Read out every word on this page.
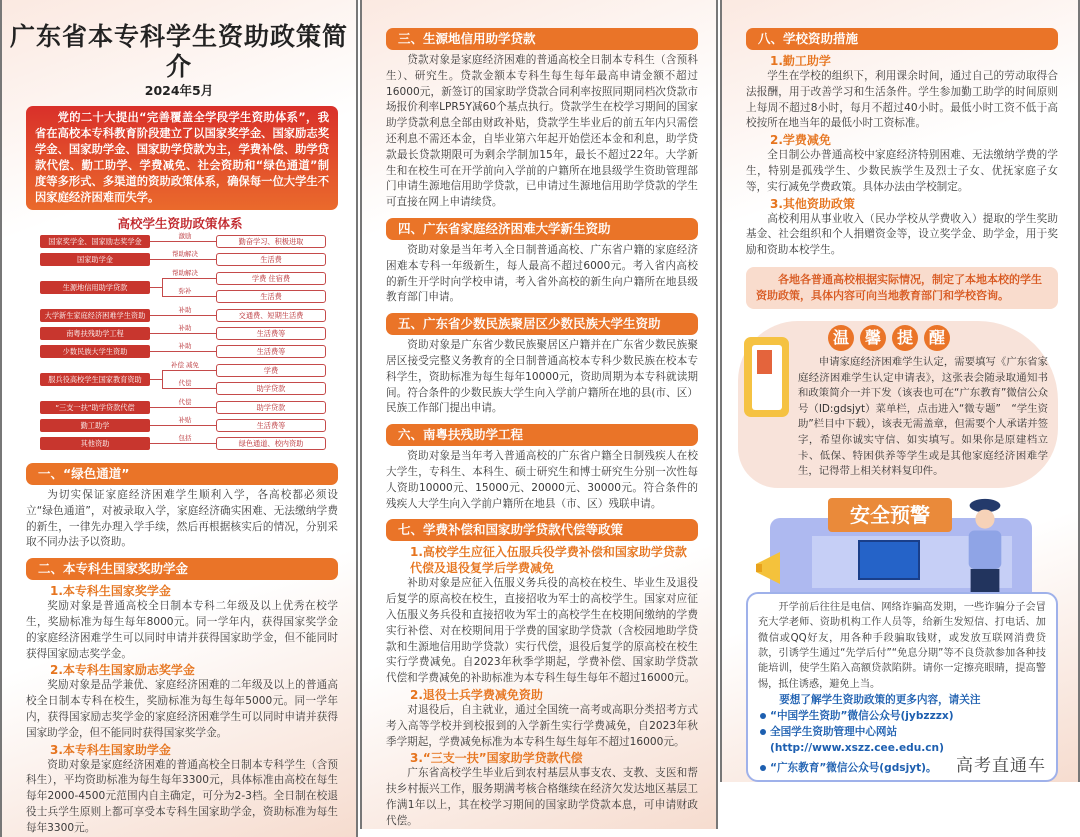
广东省本专科学生资助政策简介
2024年5月
党的二十大提出“完善覆盖全学段学生资助体系”，我省在高校本专科教育阶段建立了以国家奖学金、国家励志奖学金、国家助学金、国家助学贷款为主，学费补偿、助学贷款代偿、勤工助学、学费减免、社会资助和“绿色通道”制度等多形式、多渠道的资助政策体系，确保每一位大学生不因家庭经济困难而失学。
高校学生资助政策体系
国家奖学金、国家励志奖学金
激励
勤奋学习、积极进取
国家助学金
帮助解决
生活费
生源地信用助学贷款
帮助解决
学费 住宿费
弥补
生活费
大学新生家庭经济困难学生资助
补助
交通费、短期生活费
南粤扶残助学工程
补助
生活费等
少数民族大学生资助
补助
生活费等
服兵役高校学生国家教育资助
补偿 减免
学费
代偿
助学贷款
“三支一扶”助学贷款代偿
代偿
助学贷款
勤工助学
补贴
生活费等
其他资助
包括
绿色通道、校内资助
一、“绿色通道”
为切实保证家庭经济困难学生顺利入学，各高校都必须设立“绿色通道”，对被录取入学，家庭经济确实困难、无法缴纳学费的新生，一律先办理入学手续，然后再根据核实后的情况，分别采取不同办法予以资助。
二、本专科生国家奖助学金
1.本专科生国家奖学金
奖励对象是普通高校全日制本专科二年级及以上优秀在校学生，奖励标准为每生每年8000元。同一学年内，获得国家奖学金的家庭经济困难学生可以同时申请并获得国家助学金，但不能同时获得国家励志奖学金。
2.本专科生国家励志奖学金
奖励对象是品学兼优、家庭经济困难的二年级及以上的普通高校全日制本专科在校生，奖励标准为每生每年5000元。同一学年内，获得国家励志奖学金的家庭经济困难学生可以同时申请并获得国家助学金，但不能同时获得国家奖学金。
3.本专科生国家助学金
资助对象是家庭经济困难的普通高校全日制本专科学生（含预科生），平均资助标准为每生每年3300元，具体标准由高校在每生每年2000-4500元范围内自主确定，可分为2-3档。全日制在校退役士兵学生原则上都可享受本专科生国家助学金，资助标准为每生每年3300元。
三、生源地信用助学贷款
贷款对象是家庭经济困难的普通高校全日制本专科生（含预科生）、研究生。贷款金额本专科生每生每年最高申请金额不超过16000元，新签订的国家助学贷款合同利率按照同期同档次贷款市场报价利率LPR5Y减60个基点执行。贷款学生在校学习期间的国家助学贷款利息全部由财政补贴，贷款学生毕业后的前五年内只需偿还利息不需还本金，自毕业第六年起开始偿还本金和利息，助学贷款最长贷款期限可为剩余学制加15年，最长不超过22年。大学新生和在校生可在开学前向入学前的户籍所在地县级学生资助管理部门申请生源地信用助学贷款，已申请过生源地信用助学贷款的学生可直接在网上申请续贷。
四、广东省家庭经济困难大学新生资助
资助对象是当年考入全日制普通高校、广东省户籍的家庭经济困难本专科一年级新生，每人最高不超过6000元。考入省内高校的新生开学时向学校申请，考入省外高校的新生向户籍所在地县级教育部门申请。
五、广东省少数民族聚居区少数民族大学生资助
资助对象是广东省少数民族聚居区户籍并在广东省少数民族聚居区接受完整义务教育的全日制普通高校本专科少数民族在校本专科学生，资助标准为每生每年10000元，资助周期为本专科就读期间。符合条件的少数民族大学生向入学前户籍所在地的县(市、区）民族工作部门提出申请。
六、南粤扶残助学工程
资助对象是当年考入普通高校的广东省户籍全日制残疾人在校大学生，专科生、本科生、硕士研究生和博士研究生分别一次性每人资助10000元、15000元、20000元、30000元。符合条件的残疾人大学生向入学前户籍所在地县（市、区）残联申请。
七、学费补偿和国家助学贷款代偿等政策
1.高校学生应征入伍服兵役学费补偿和国家助学贷款代偿及退役复学后学费减免
补助对象是应征入伍服义务兵役的高校在校生、毕业生及退役后复学的原高校在校生，直接招收为军士的高校学生。国家对应征入伍服义务兵役和直接招收为军士的高校学生在校期间缴纳的学费实行补偿、对在校期间用于学费的国家助学贷款（含校园地助学贷款和生源地信用助学贷款）实行代偿，退役后复学的原高校在校生实行学费减免。自2023年秋季学期起，学费补偿、国家助学贷款代偿和学费减免的补助标准为本专科生每生每年不超过16000元。
2.退役士兵学费减免资助
对退役后，自主就业，通过全国统一高考或高职分类招考方式考入高等学校并到校报到的入学新生实行学费减免，自2023年秋季学期起，学费减免标准为本专科生每生每年不超过16000元。
3.“三支一扶”国家助学贷款代偿
广东省高校学生毕业后到农村基层从事支农、支教、支医和帮扶乡村振兴工作，服务期满考核合格继续在经济欠发达地区基层工作满1年以上，其在校学习期间的国家助学贷款本息，可申请财政代偿。
八、学校资助措施
1.勤工助学
学生在学校的组织下，利用课余时间，通过自己的劳动取得合法报酬，用于改善学习和生活条件。学生参加勤工助学的时间原则上每周不超过8小时，每月不超过40小时。最低小时工资不低于高校按所在地当年的最低小时工资标准。
2.学费减免
全日制公办普通高校中家庭经济特别困难、无法缴纳学费的学生，特别是孤残学生、少数民族学生及烈士子女、优抚家庭子女等，实行减免学费政策。具体办法由学校制定。
3.其他资助政策
高校利用从事业收入（民办学校从学费收入）提取的学生奖助基金、社会组织和个人捐赠资金等，设立奖学金、助学金，用于奖励和资助本校学生。
各地各普通高校根据实际情况，制定了本地本校的学生资助政策，具体内容可向当地教育部门和学校咨询。
温 馨 提 醒
申请家庭经济困难学生认定，需要填写《广东省家庭经济困难学生认定申请表》，这张表会随录取通知书和政策简介一并下发（该表也可在“广东教育”微信公众号（ID:gdsjyt）菜单栏，点击进入“微专题”　“学生资助”栏目中下载），该表无需盖章，但需要个人承诺并签字，希望你诚实守信、如实填写。如果你是原建档立卡、低保、特困供养等学生或是其他家庭经济困难学生，记得带上相关材料复印件。
安全预警
开学前后往往是电信、网络诈骗高发期，一些诈骗分子会冒充大学老师、资助机构工作人员等，给新生发短信、打电话、加微信或QQ好友，用各种手段骗取钱财，或发放互联网消费贷款，引诱学生通过“先学后付”“免息分期”等不良贷款参加各种技能培训，使学生陷入高额贷款陷阱。请你一定擦亮眼睛，提高警惕，抵住诱惑，避免上当。
要想了解学生资助政策的更多内容，请关注
“中国学生资助”微信公众号(jybzzzx)
全国学生资助管理中心网站(http://www.xszz.cee.edu.cn)
“广东教育”微信公众号(gdsjyt)。 高考直通车
